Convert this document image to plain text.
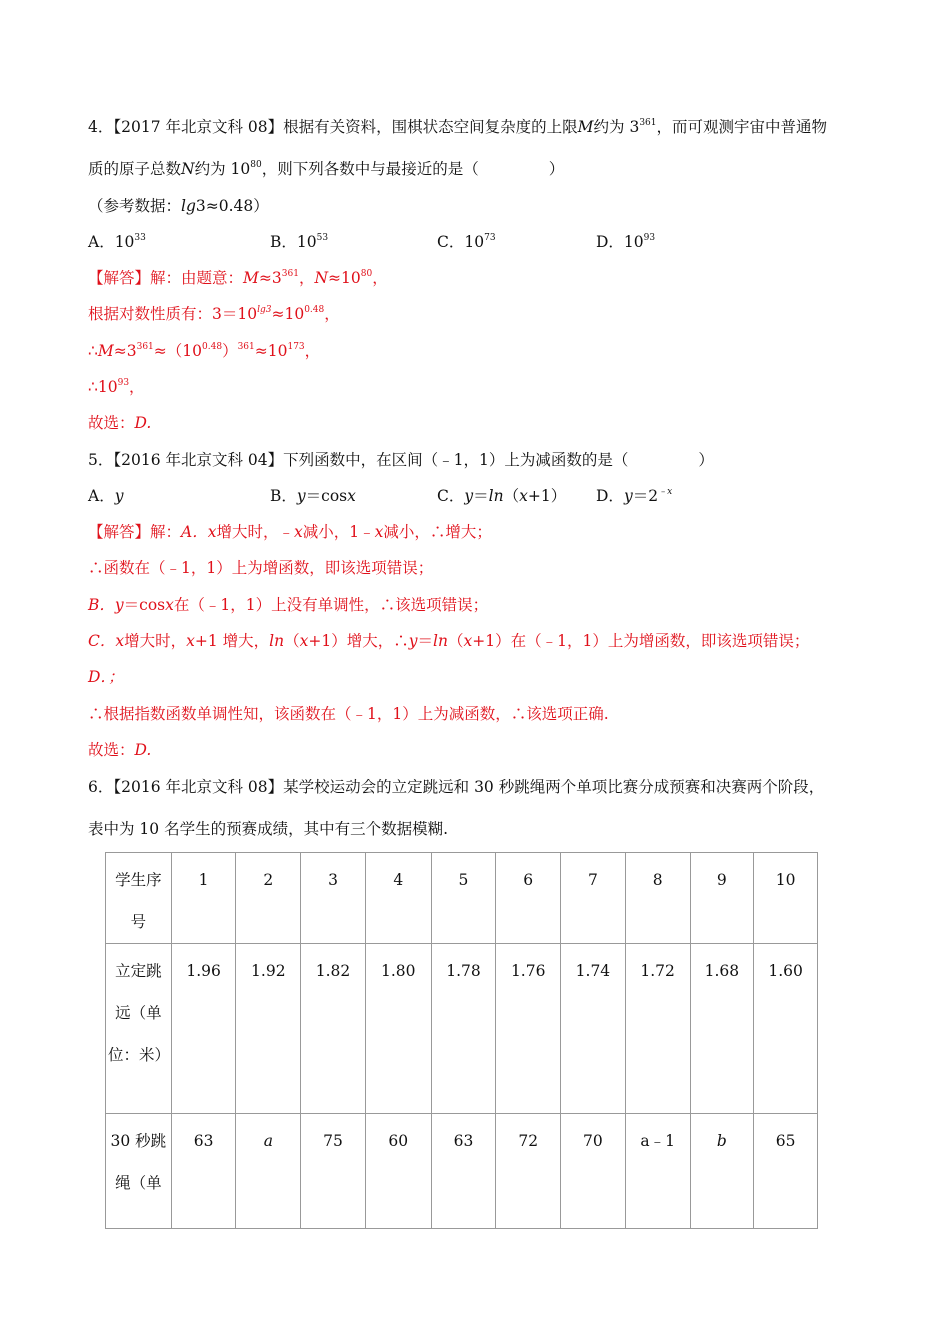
4．【2017 年北京文科 08】根据有关资料，围棋状态空间复杂度的上限M约为 $3^{361}$，而可观测宇宙中普通物
质的原子总数N约为 $10^{80}$，则下列各数中与最接近的是（	）
（参考数据：lg3≈0.48）
A．$10^{33}$	B．$10^{53}$	C．$10^{73}$	D．$10^{93}$
【解答】解：由题意：$M\approx 3^{361}$，$N\approx 10^{80}$，
根据对数性质有：$3=10^{lg3}\approx 10^{0.48}$，
$\therefore M\approx 3^{361}\approx(10^{0.48})^{361}\approx 10^{173}$，
$\therefore 10^{93}$，
故选：D.
5．【2016 年北京文科 04】下列函数中，在区间（﹣1，1）上为减函数的是（	）
A．y	B．y＝cosx	C．y＝ln（x+1） D．$y=2^{﹣x}$
【解答】解：A．x增大时，﹣x减小，1﹣x减小，∴增大；
∴函数在（﹣1，1）上为增函数，即该选项错误；
B．y＝cosx在（﹣1，1）上没有单调性，∴该选项错误；
C．x增大时，x+1 增大，ln（x+1）增大，∴y＝ln（x+1）在（﹣1，1）上为增函数，即该选项错误；
D．；
∴根据指数函数单调性知，该函数在（﹣1，1）上为减函数，∴该选项正确.
故选：D.
6．【2016 年北京文科 08】某学校运动会的立定跳远和 30 秒跳绳两个单项比赛分成预赛和决赛两个阶段，
表中为 10 名学生的预赛成绩，其中有三个数据模糊.
学生序号	1	2	3	4	5	6	7	8	9	10
立定跳远（单位：米）	1.96	1.92	1.82	1.80	1.78	1.76	1.74	1.72	1.68	1.60
30 秒跳绳（单	63	a	75	60	63	72	70	a﹣1	b	65
